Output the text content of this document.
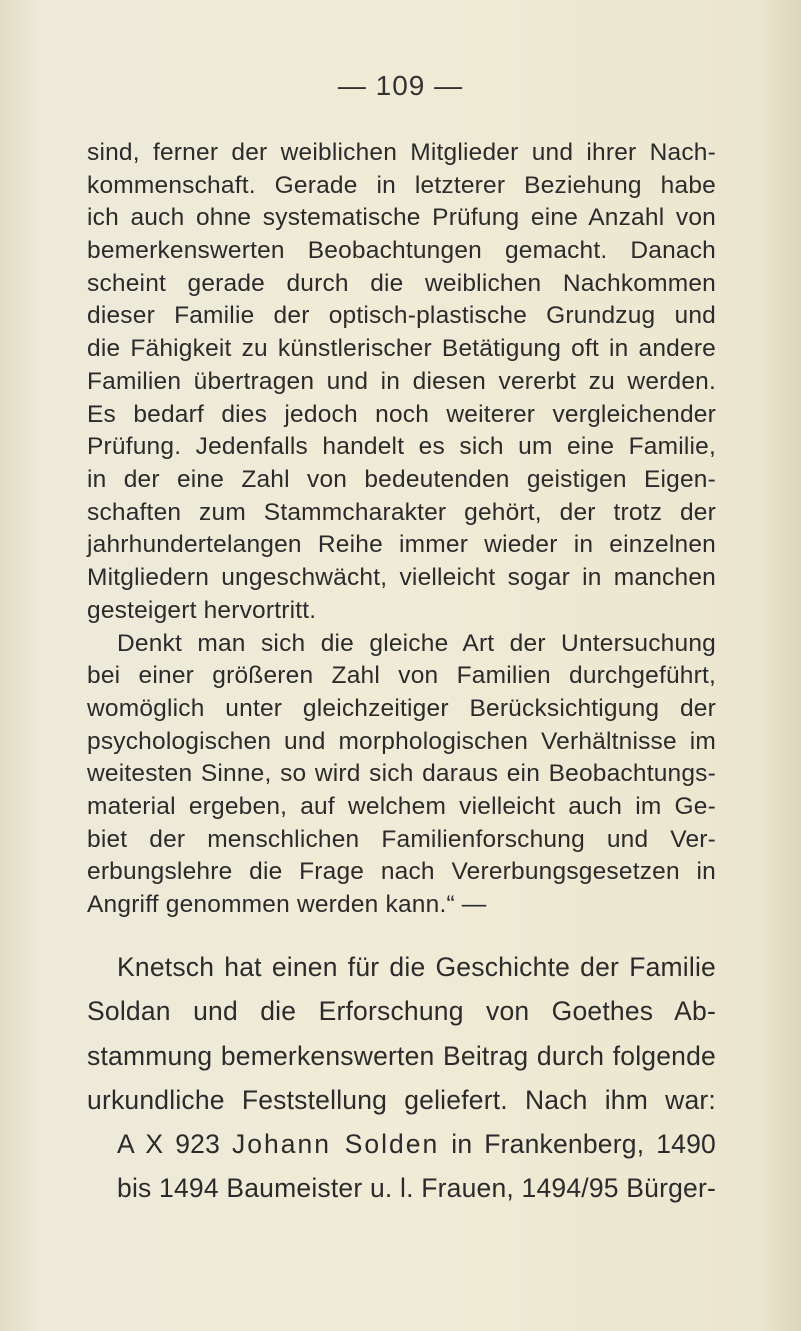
— 109 —
sind, ferner der weiblichen Mitglieder und ihrer Nach-
kommenschaft. Gerade in letzterer Beziehung habe
ich auch ohne systematische Prüfung eine Anzahl von
bemerkenswerten Beobachtungen gemacht. Danach
scheint gerade durch die weiblichen Nachkommen
dieser Familie der optisch-plastische Grundzug und
die Fähigkeit zu künstlerischer Betätigung oft in andere
Familien übertragen und in diesen vererbt zu werden.
Es bedarf dies jedoch noch weiterer vergleichender
Prüfung. Jedenfalls handelt es sich um eine Familie,
in der eine Zahl von bedeutenden geistigen Eigen-
schaften zum Stammcharakter gehört, der trotz der
jahrhundertelangen Reihe immer wieder in einzelnen
Mitgliedern ungeschwächt, vielleicht sogar in manchen
gesteigert hervortritt.
Denkt man sich die gleiche Art der Untersuchung
bei einer größeren Zahl von Familien durchgeführt,
womöglich unter gleichzeitiger Berücksichtigung der
psychologischen und morphologischen Verhältnisse im
weitesten Sinne, so wird sich daraus ein Beobachtungs-
material ergeben, auf welchem vielleicht auch im Ge-
biet der menschlichen Familienforschung und Ver-
erbungslehre die Frage nach Vererbungsgesetzen in
Angriff genommen werden kann.“ —
Knetsch hat einen für die Geschichte der Familie
Soldan und die Erforschung von Goethes Ab-
stammung bemerkenswerten Beitrag durch folgende
urkundliche Feststellung geliefert. Nach ihm war:
A X 923 Johann Solden in Frankenberg, 1490
bis 1494 Baumeister u. l. Frauen, 1494/95 Bürger-
